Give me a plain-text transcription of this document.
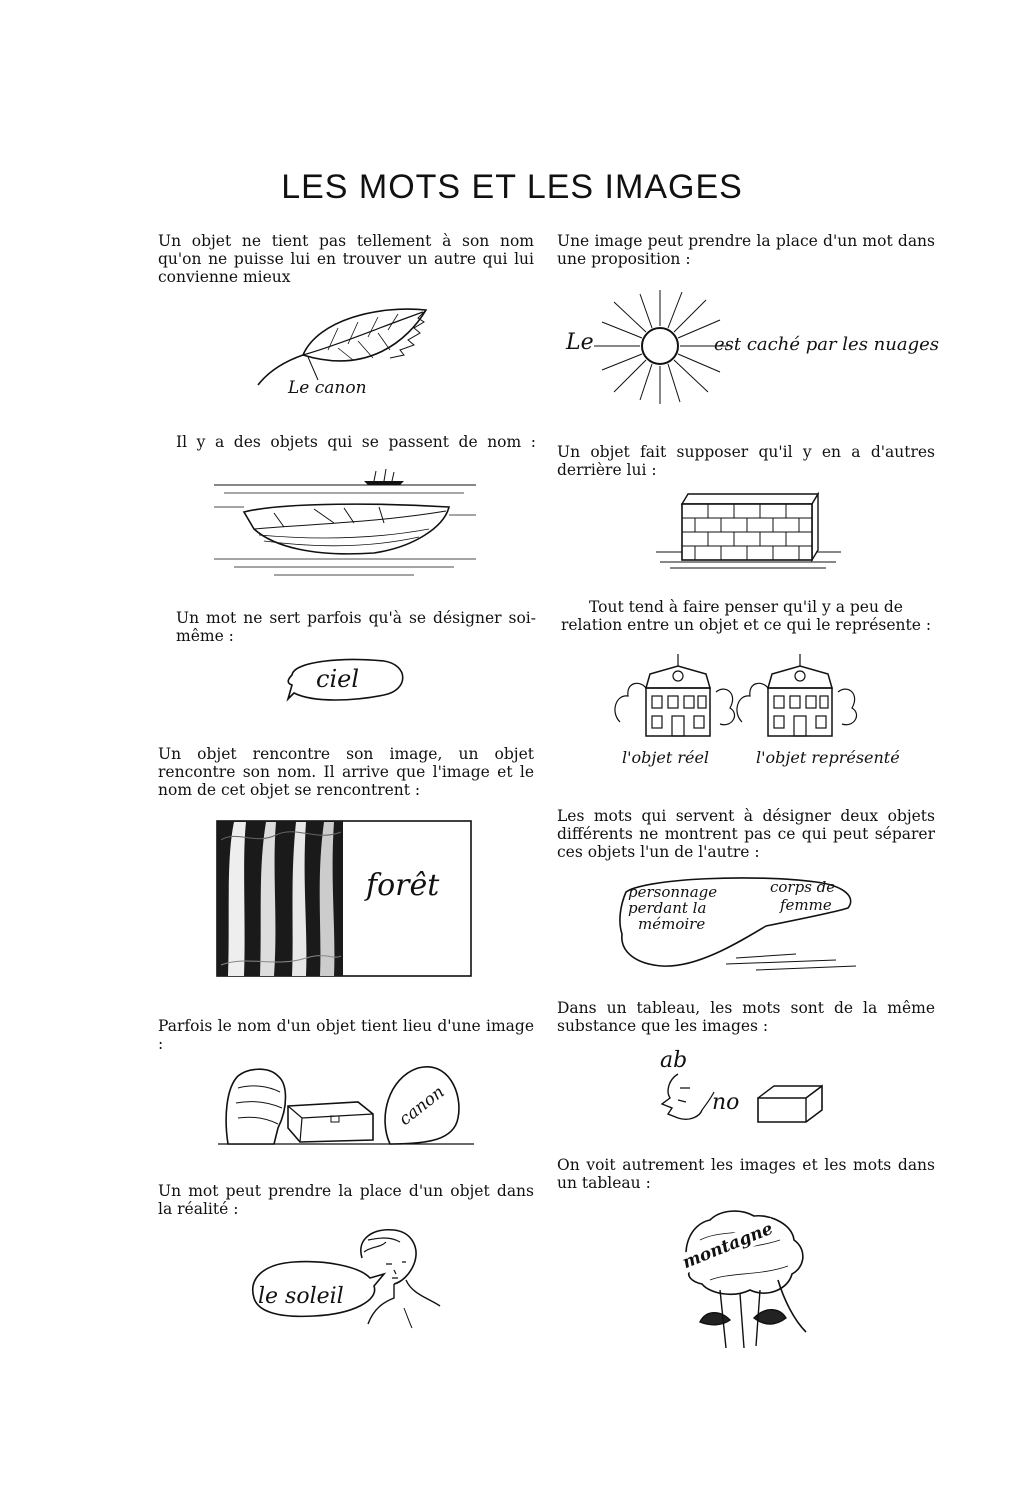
LES MOTS ET LES IMAGES

Un objet ne tient pas tellement à son nom qu'on ne puisse lui en trouver un autre qui lui convienne mieux

Le canon

Il y a des objets qui se passent de nom :

Un mot ne sert parfois qu'à se désigner soi-même :

ciel

Un objet rencontre son image, un objet rencontre son nom. Il arrive que l'image et le nom de cet objet se rencontrent :

forêt

Parfois le nom d'un objet tient lieu d'une image :

canon

Un mot peut prendre la place d'un objet dans la réalité :

le soleil

Une image peut prendre la place d'un mot dans une proposition :

Le	est caché par les nuages

Un objet fait supposer qu'il y en a d'autres derrière lui :

Tout tend à faire penser qu'il y a peu de relation entre un objet et ce qui le représente :

l'objet réel	l'objet représenté

Les mots qui servent à désigner deux objets différents ne montrent pas ce qui peut séparer ces objets l'un de l'autre :

personnage
perdant la
mémoire
corps de
femme

Dans un tableau, les mots sont de la même substance que les images :

ab
no

On voit autrement les images et les mots dans un tableau :

montagne
